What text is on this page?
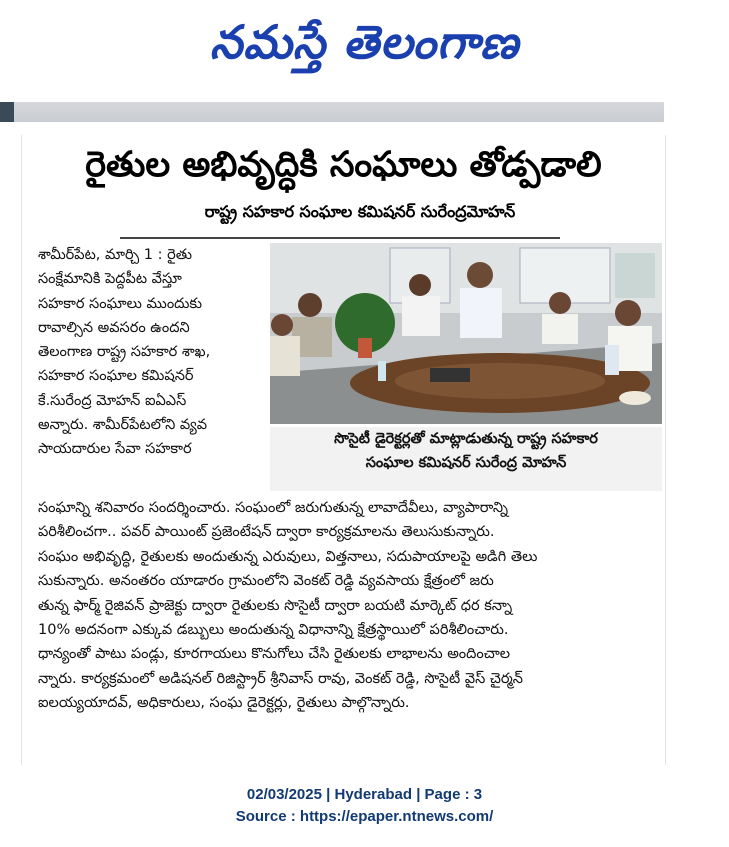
నమస్తే తెలంగాణ
రైతుల అభివృద్ధికి సంఘాలు తోడ్పడాలి
రాష్ట్ర సహకార సంఘాల కమిషనర్ సురేంద్రమోహన్
శామీర్‌పేట, మార్చి 1 : రైతు
సంక్షేమానికి పెద్దపీట వేస్తూ
సహకార సంఘాలు ముందుకు
రావాల్సిన అవసరం ఉందని
తెలంగాణ రాష్ట్ర సహకార శాఖ,
సహకార సంఘాల కమిషనర్
కే.సురేంద్ర మోహన్ ఐఏఎస్
అన్నారు. శామీర్‌పేటలోని వ్యవ
సాయదారుల సేవా సహకార
సొసైటీ డైరెక్టర్లతో మాట్లాడుతున్న రాష్ట్ర సహకార
సంఘాల కమిషనర్ సురేంద్ర మోహన్
సంఘాన్ని శనివారం సందర్శించారు. సంఘంలో జరుగుతున్న లావాదేవీలు, వ్యాపారాన్ని
పరిశీలించగా.. పవర్ పాయింట్ ప్రజెంటేషన్ ద్వారా కార్యక్రమాలను తెలుసుకున్నారు.
సంఘం అభివృద్ధి, రైతులకు అందుతున్న ఎరువులు, విత్తనాలు, సదుపాయాలపై అడిగి తెలు
సుకున్నారు. అనంతరం యాడారం గ్రామంలోని వెంకట్ రెడ్డి వ్యవసాయ క్షేత్రంలో జరు
తున్న ఫార్మ్ రైజివన్ ప్రాజెక్టు ద్వారా రైతులకు సొసైటీ ద్వారా బయటి మార్కెట్ ధర కన్నా
10% అదనంగా ఎక్కువ డబ్బులు అందుతున్న విధానాన్ని క్షేత్రస్థాయిలో పరిశీలించారు.
ధాన్యంతో పాటు పండ్లు, కూరగాయలు కొనుగోలు చేసి రైతులకు లాభాలను అందించాల
న్నారు. కార్యక్రమంలో అడిషనల్ రిజిస్ట్రార్ శ్రీనివాస్ రావు, వెంకట్ రెడ్డి, సొసైటీ వైస్ చైర్మన్
ఐలయ్యయాదవ్, అధికారులు, సంఘ డైరెక్టర్లు, రైతులు పాల్గొన్నారు.
02/03/2025 | Hyderabad | Page : 3
Source : https://epaper.ntnews.com/
